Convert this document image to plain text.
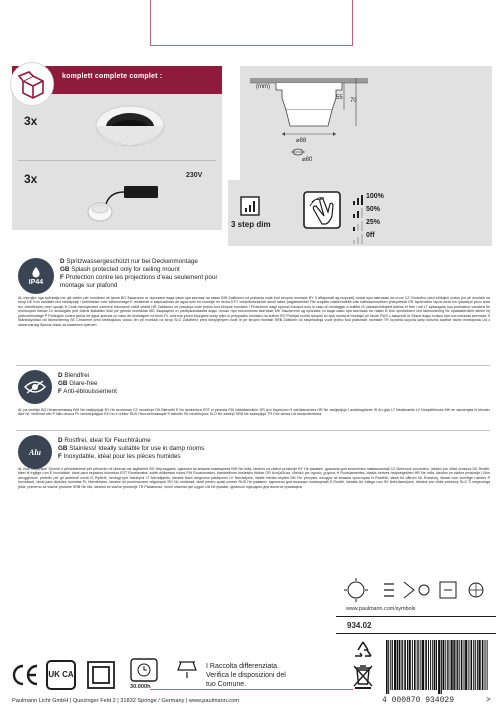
komplett complete complet :
3x
3x	230V
(mm)
55 70
⌀88
⌀80
3 step dim
100%
50%
25%
0ff
IP44
D Spritzwassergeschützt nur bei Deckenmontage
GB Splash protected only for ceiling mount
F Protection contre les projections d’eau seulement pour montage sur plafond
AL mbrojtur nga spërkatja me ujë vetëm për montimet në tavan BG Защитено от пръскане вода само при монтаж на таван BIH Zaštićeno od prskanja vode kod stropne montaže BY З абаронай ад пырскаў толькі пры мантажы на столі CZ Chráněno před stříkající vodou jen při montáži na strop DK Kun vandtæt ved vandsprøjt i forbindelse med loftsmontage E resistente a salpicaduras de agua sólo en montaje en techo EST veepritsmekindel ainult lakke paigaldamisel FIN suojattu roiskevedeltä vain kattoasennuksen yhteydessä GR προστασία νερού κατά τον ψεκασμό μόνο κατά την τοποθέτηση στην οροφή H Csak mennyezetre szerelve fröccsenő víztől védett HR Zaštićeno od prskanja vode jedino kod stropne montaže I Protezione dagli spruzzi d’acqua solo in caso di montaggio a soffitto IS vatnsskvettuþétt aðeins ef fest í loft LT apsaugota nuo purškiamo vandens tik montuojant lubose LV aizsargāts pret ūdens šļakatām tikai pie griestu montāžas MD Защищено от разбрызгивания воды только при потолочном монтаже MK Заштитено од прскање со вода само при монтажа на таван N Kun sprutsikkert ved takmontering NL spatwaterdicht alleen bij plafondmontage P Protegido contra jactos de água apenas no caso de montagem no tecto PL ochrona przed bryzgami wody tylko w przypadku montażu na suficie RO Protejat contra stropirii cu apă numai la montajul pe tavan RUS с защитой от брызг воды только при потолочном монтаже S Stänkskyddad vid takmontering SK Chránené pred striekajúcou vodou len pri montáži na strop SLO Zaščiteno pred škropljenjem vode le pri stropni montaži SRB Zaštićen od raspršivanja vode jedino kod plafonske montaže TR sıçrama suyuna karşı koruma sadece tavan montajında UA з захистом від бризок лише за наявності кріплен
D Blendfrei
GB Glare-free
F Anti-éblouissement
AL pa verbitje BG Незаслепяващ BIH Ne zasljepljuje BY Не асляпляе CZ neoslňuje DK Blændfri E No deslumbra EST ei pimesta FIN häikäisemätön GR Δεν θαμπώνει H vakításmentes HR Ne zasljepljuje I anabbagliante IS Án glýs LT Neakinantis LV Neapžilbinošs MK не заслепува N blender ikke NL Verblindt niet P Não ofusca PL nieoślepiająca RO nu e orbitor RUS Неослепляющий S bländfri SK neoslňujúce SLO Ne zaslepi SRB Ne zaslepljuje TR Göz almaz UA незасліплюючі
Alu
D Rostfrei, ideal für Feuchträume
GB Stainless! Ideally suitable for use in damp rooms
F Inoxydable, idéal pour les pièces humides
AL Nuk ndryshket! Shumë e përshtatshme për përdorim në dhomat me lagështirë BG Неръждаем, идеален за влажни помещения BIH Ne hrđa, idealno za vlažne prostorije BY Не іржавее, ідэальна для вільготных памяшканняў CZ Nerezové provedení, ideální pro vlhké prostory DK Rustfri, ideel til fugtige rum E Inoxidable, ideal para espacios húmedos EST Roostevaba, sobib ellikeesse ruumi FIN Ruostumaton, ihanteellinen kosteisiin tiloihin GR Ανοξείδωτο, ιδανικό για υγρούς χώρους H Rozsdamentes, ideális nedves helyiségekben HR Ne hrđa, idealno za vlažne prostorije I Non arrugginisce, perfetto per gli ambienti umidi IS Ryðfrítt, hentugt fyrir blautrými LT Nerūdijantis, idealiai tinka drėgnoms patalpoms LV Nerūsējošs, ideāls mitrām telpām MK Не ‘рѓосува, погодна за влажни простории N Rustfritt, ideelt for våtrom NL Roestvrij, ideaal voor vochtige ruimtes P Inoxidável, ideal para divisões húmidas PL Nierdzewne, idealne do pomieszczeń wilgotnych RO Nu oxidează, ideal pentru spații umede RUS Не ржавеет, идеально для влажных помещений S Rostfri, idealisk för fuktiga rum SK Nehrdzavejúce, ideálne pre vlhké priestory SLO Ti nerjavnega jekla, primerno za vlažne prostore SRB Ne rđa, idealno za vlažne prostorije TR Paslanmaz, nemli ortamlar için uygun UA Не іржавіє, ідеально підходить для вологих приміщень
www.paulmann.com/symbols
934.02
UK CA
30.000h
I Raccolta differenziata.
Verifica le disposizioni del
tuo Comune.
4 000870 934029	>
Paulmann Licht GmbH | Quezinger Feld 2 | 31832 Springe / Germany | www.paulmann.com
